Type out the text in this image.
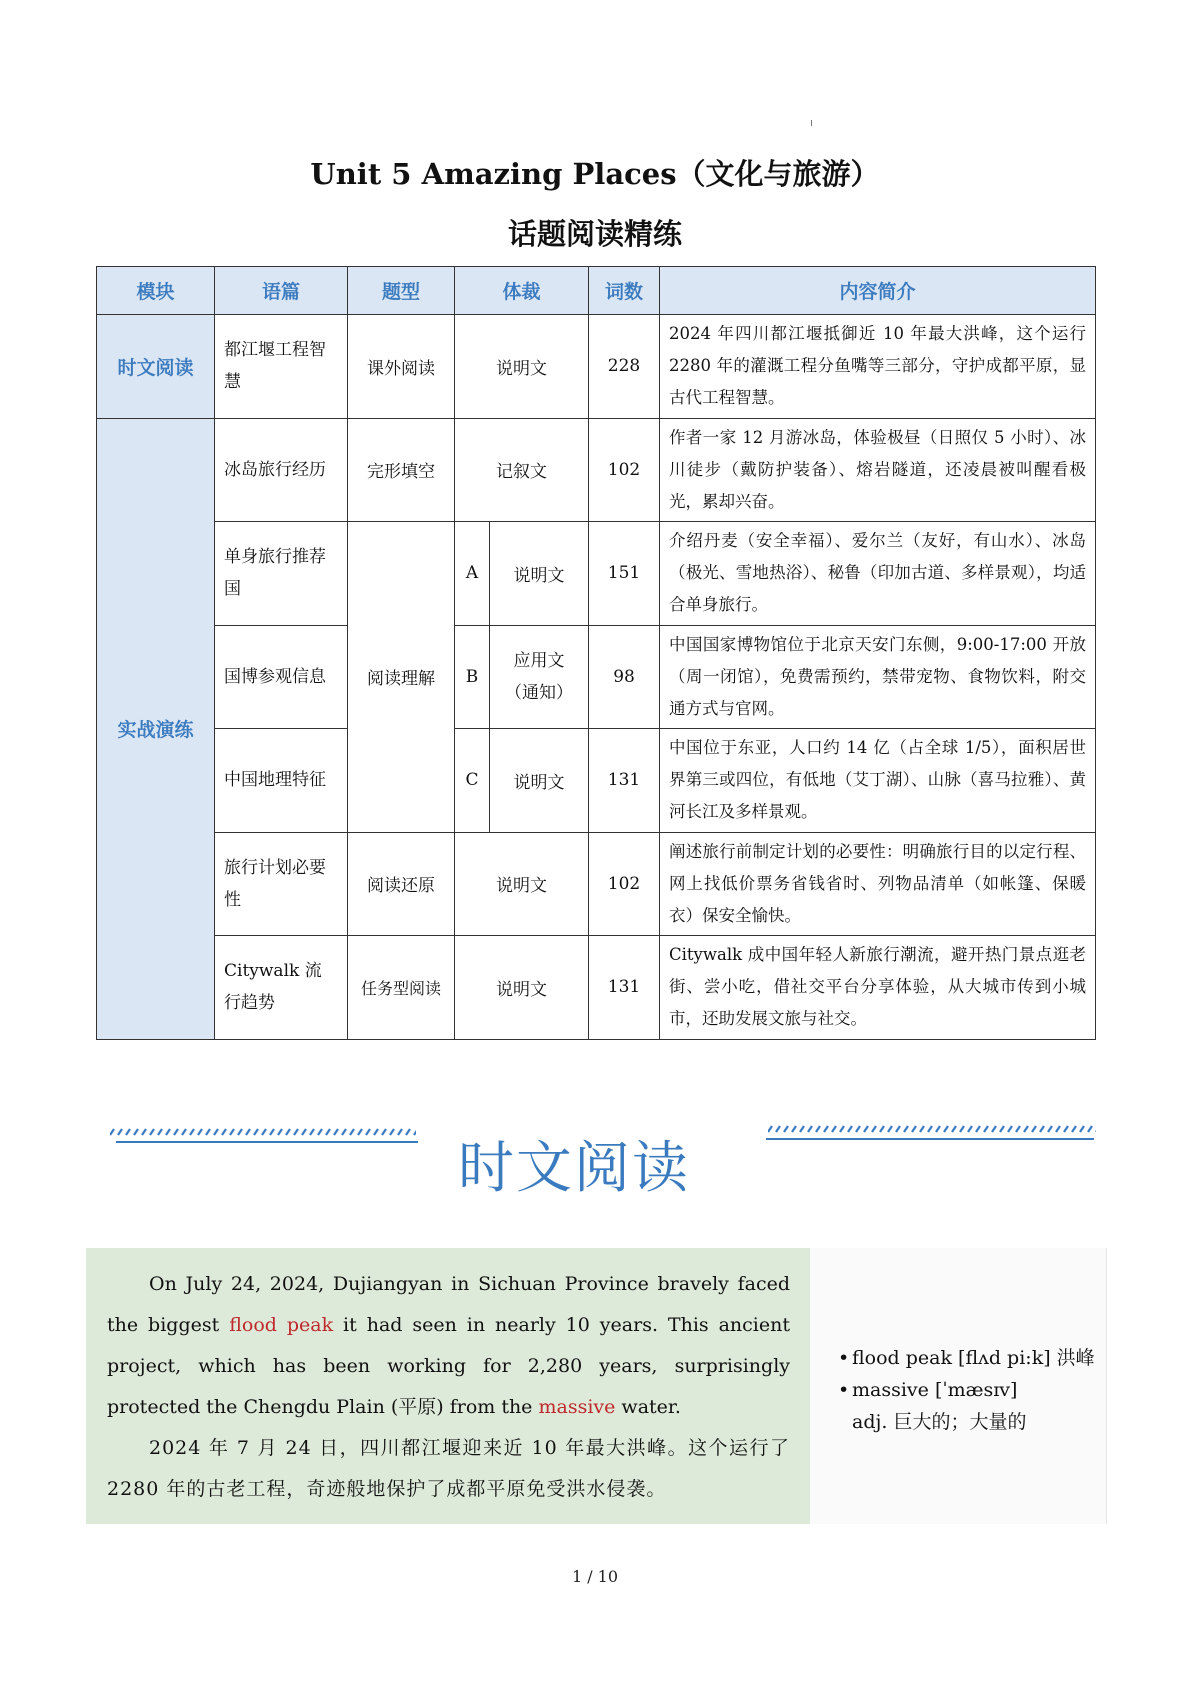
Unit 5 Amazing Places（文化与旅游）
话题阅读精练
模块	语篇	题型	体裁		词数	内容简介
时文阅读	都江堰工程智慧	课外阅读	说明文		228	2024 年四川都江堰抵御近 10 年最大洪峰，这个运行 2280 年的灌溉工程分鱼嘴等三部分，守护成都平原，显古代工程智慧。
实战演练	冰岛旅行经历	完形填空	记叙文		102	作者一家 12 月游冰岛，体验极昼（日照仅 5 小时）、冰川徒步（戴防护装备）、熔岩隧道，还凌晨被叫醒看极光，累却兴奋。
	单身旅行推荐国	阅读理解	A	说明文	151	介绍丹麦（安全幸福）、爱尔兰（友好，有山水）、冰岛（极光、雪地热浴）、秘鲁（印加古道、多样景观），均适合单身旅行。
	国博参观信息		B	应用文（通知）	98	中国国家博物馆位于北京天安门东侧，9:00-17:00 开放（周一闭馆），免费需预约，禁带宠物、食物饮料，附交通方式与官网。
	中国地理特征		C	说明文	131	中国位于东亚，人口约 14 亿（占全球 1/5），面积居世界第三或四位，有低地（艾丁湖）、山脉（喜马拉雅）、黄河长江及多样景观。
	旅行计划必要性	阅读还原	说明文		102	阐述旅行前制定计划的必要性：明确旅行目的以定行程、网上找低价票务省钱省时、列物品清单（如帐篷、保暖衣）保安全愉快。
	Citywalk 流行趋势	任务型阅读	说明文		131	Citywalk 成中国年轻人新旅行潮流，避开热门景点逛老街、尝小吃，借社交平台分享体验，从大城市传到小城市，还助发展文旅与社交。
时文阅读

On July 24, 2024, Dujiangyan in Sichuan Province bravely faced the biggest flood peak it had seen in nearly 10 years. This ancient project, which has been working for 2,280 years, surprisingly protected the Chengdu Plain (平原) from the massive water.

2024 年 7 月 24 日，四川都江堰迎来近 10 年最大洪峰。这个运行了 2280 年的古老工程，奇迹般地保护了成都平原免受洪水侵袭。

• flood peak [flʌd pi:k] 洪峰
• massive [ˈmæsɪv]
adj. 巨大的；大量的
1 / 10
